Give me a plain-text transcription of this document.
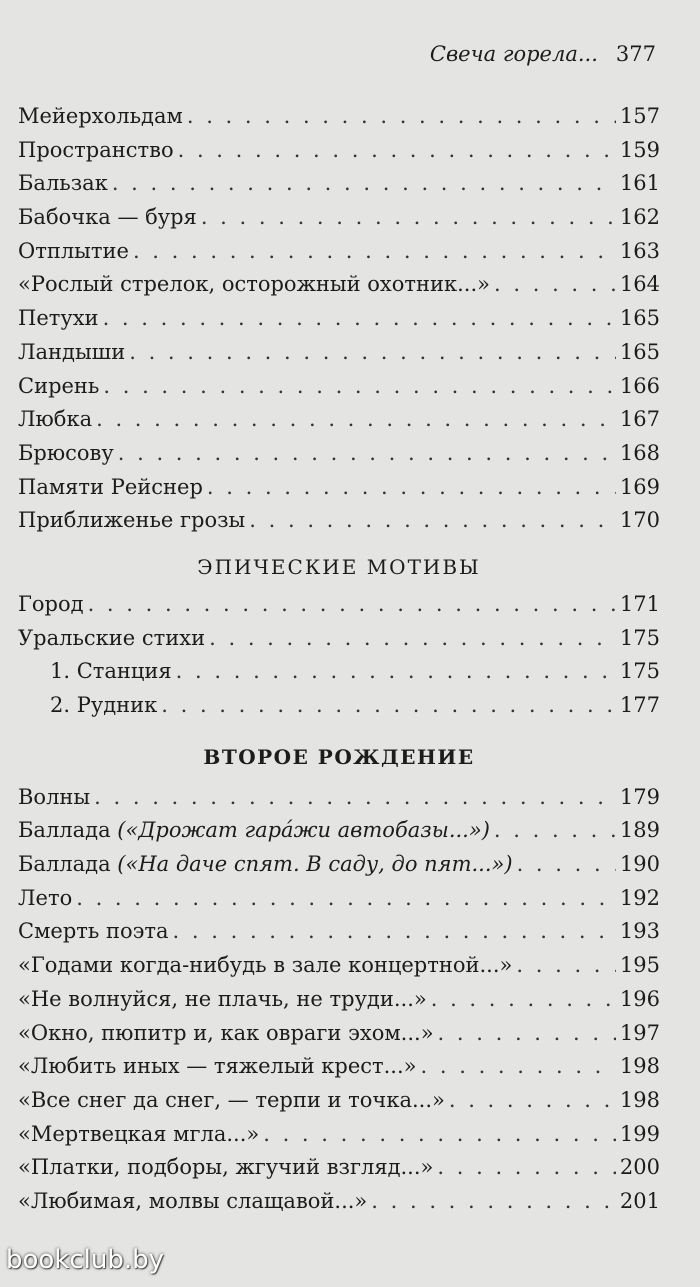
Свеча горела... 377
Мейерхольдам . . .	157
Пространство . . .	159
Бальзак . . .	161
Бабочка — буря . . .	162
Отплытие . . .	163
«Рослый стрелок, осторожный охотник...» . . .	164
Петухи . . .	165
Ландыши . . .	165
Сирень . . .	166
Любка . . .	167
Брюсову . . .	168
Памяти Рейснер . . .	169
Приближенье грозы . . .	170
ЭПИЧЕСКИЕ МОТИВЫ
Город . . .	171
Уральские стихи . . .	175
1. Станция . . .	175
2. Рудник . . .	177
ВТОРОЕ РОЖДЕНИЕ
Волны . . .	179
Баллада («Дрожат гара́жи автобазы...») . . .	189
Баллада («На даче спят. В саду, до пят...») . . .	190
Лето . . .	192
Смерть поэта . . .	193
«Годами когда-нибудь в зале концертной...» . . .	195
«Не волнуйся, не плачь, не труди...» . . .	196
«Окно, пюпитр и, как овраги эхом...» . . .	197
«Любить иных — тяжелый крест...» . . .	198
«Все снег да снег, — терпи и точка...» . . .	198
«Мертвецкая мгла...» . . .	199
«Платки, подборы, жгучий взгляд...» . . .	200
«Любимая, молвы слащавой...» . . .	201
bookclub.by
